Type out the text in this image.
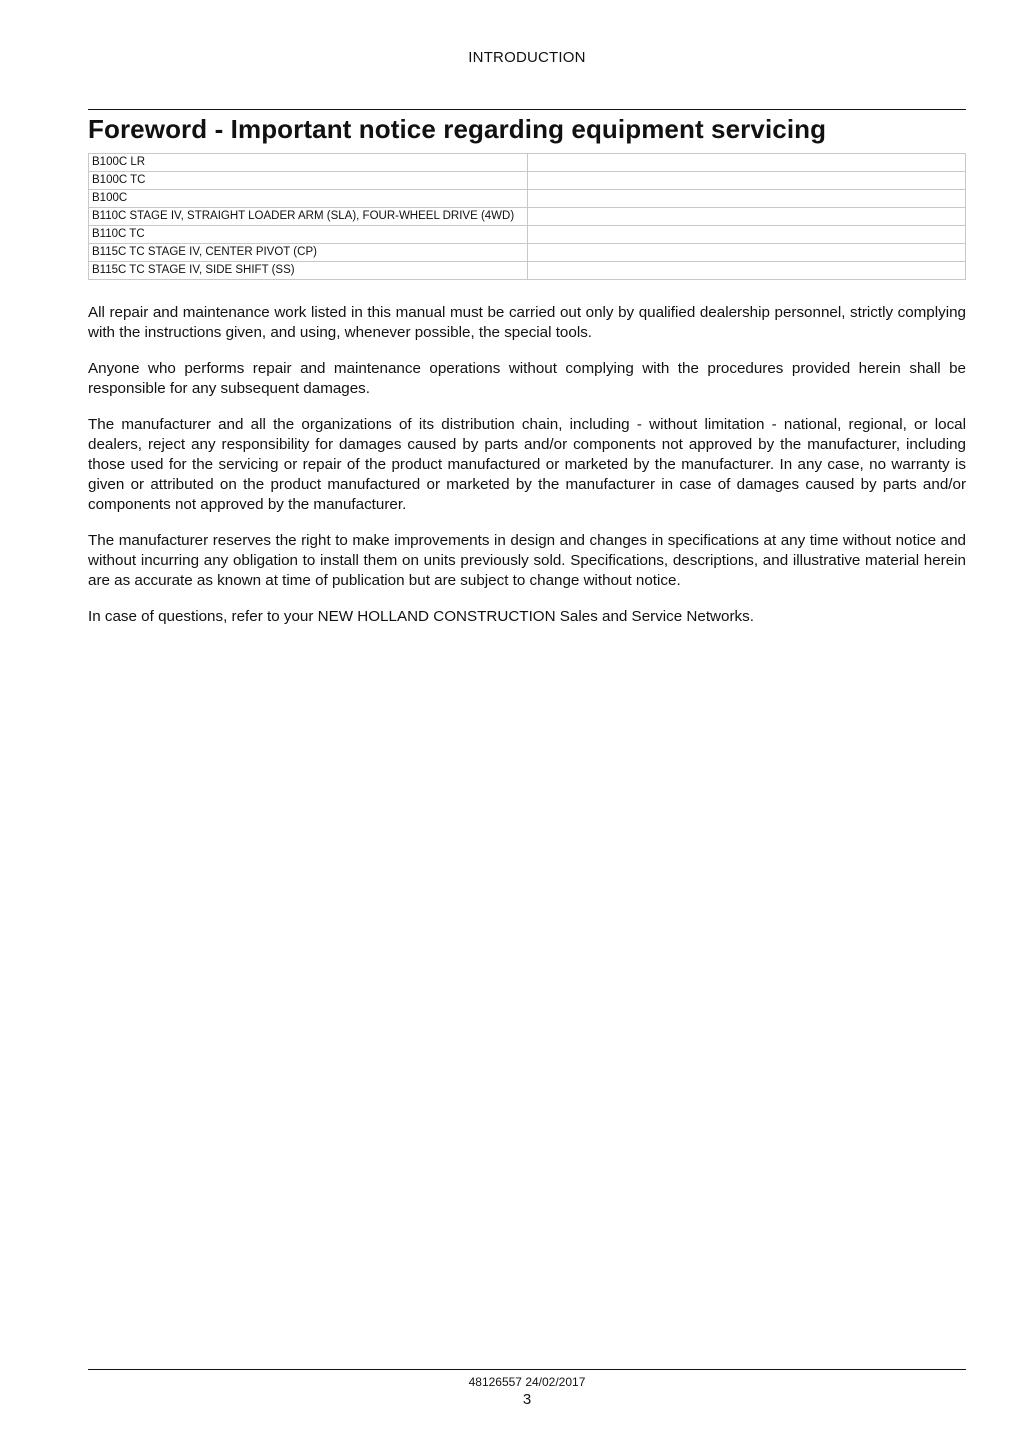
INTRODUCTION
Foreword - Important notice regarding equipment servicing
B100C LR	
B100C TC	
B100C	
B110C STAGE IV, STRAIGHT LOADER ARM (SLA), FOUR-WHEEL DRIVE (4WD)	
B110C TC	
B115C TC STAGE IV, CENTER PIVOT (CP)	
B115C TC STAGE IV, SIDE SHIFT (SS)	

All repair and maintenance work listed in this manual must be carried out only by qualified dealership personnel, strictly complying with the instructions given, and using, whenever possible, the special tools.

Anyone who performs repair and maintenance operations without complying with the procedures provided herein shall be responsible for any subsequent damages.

The manufacturer and all the organizations of its distribution chain, including - without limitation - national, regional, or local dealers, reject any responsibility for damages caused by parts and/or components not approved by the manufacturer, including those used for the servicing or repair of the product manufactured or marketed by the manufacturer. In any case, no warranty is given or attributed on the product manufactured or marketed by the manufacturer in case of damages caused by parts and/or components not approved by the manufacturer.

The manufacturer reserves the right to make improvements in design and changes in specifications at any time without notice and without incurring any obligation to install them on units previously sold. Specifications, descriptions, and illustrative material herein are as accurate as known at time of publication but are subject to change without notice.

In case of questions, refer to your NEW HOLLAND CONSTRUCTION Sales and Service Networks.

48126557 24/02/2017
3
